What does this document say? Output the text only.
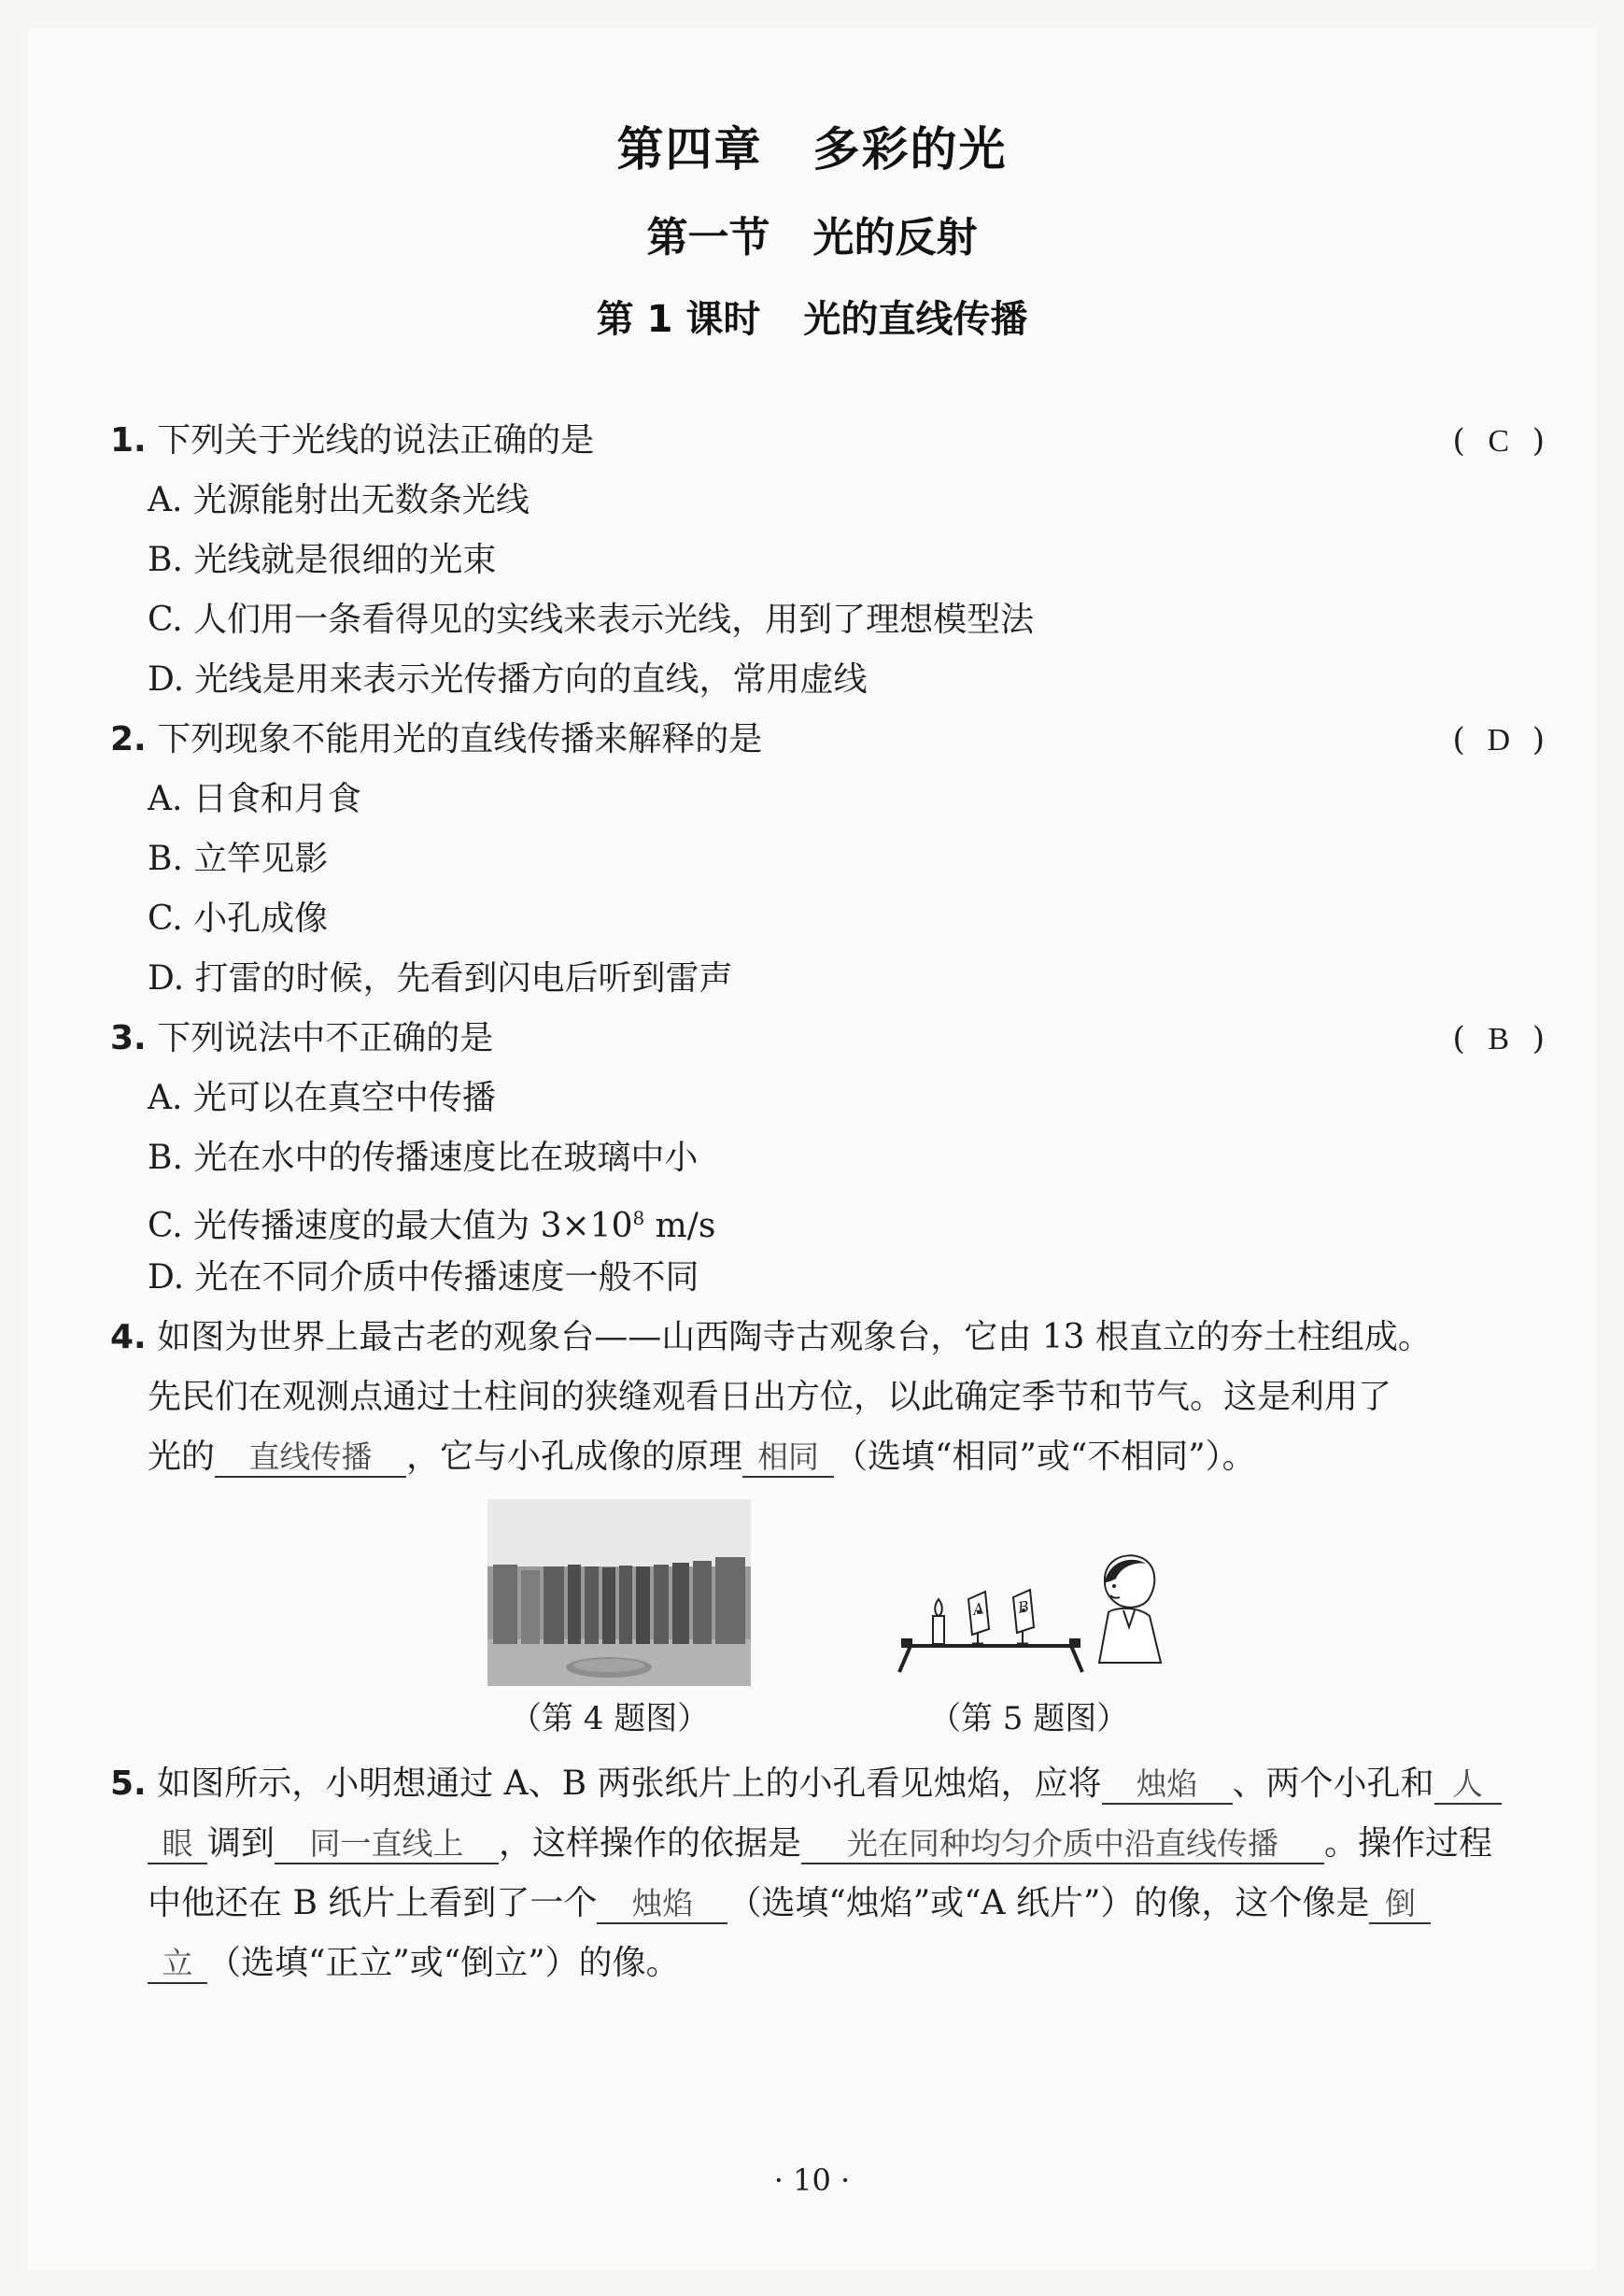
第四章 多彩的光
第一节 光的反射
第 1 课时 光的直线传播
1. 下列关于光线的说法正确的是	( C )
A. 光源能射出无数条光线
B. 光线就是很细的光束
C. 人们用一条看得见的实线来表示光线，用到了理想模型法
D. 光线是用来表示光传播方向的直线，常用虚线
2. 下列现象不能用光的直线传播来解释的是	( D )
A. 日食和月食
B. 立竿见影
C. 小孔成像
D. 打雷的时候，先看到闪电后听到雷声
3. 下列说法中不正确的是	( B )
A. 光可以在真空中传播
B. 光在水中的传播速度比在玻璃中小
C. 光传播速度的最大值为 $3\times 10^8$ m/s
D. 光在不同介质中传播速度一般不同
4. 如图为世界上最古老的观象台——山西陶寺古观象台，它由 13 根直立的夯土柱组成。
先民们在观测点通过土柱间的狭缝观看日出方位，以此确定季节和节气。这是利用了
光的 直线传播 ，它与小孔成像的原理 相同 （选填“相同”或“不相同”）。
（第 4 题图）
A B
（第 5 题图）
5. 如图所示，小明想通过 A、B 两张纸片上的小孔看见烛焰，应将 烛焰 、两个小孔和 人
眼 调到 同一直线上 ，这样操作的依据是 光在同种均匀介质中沿直线传播 。操作过程
中他还在 B 纸片上看到了一个 烛焰 （选填“烛焰”或“A 纸片”）的像，这个像是 倒
立 （选填“正立”或“倒立”）的像。
· 10 ·
